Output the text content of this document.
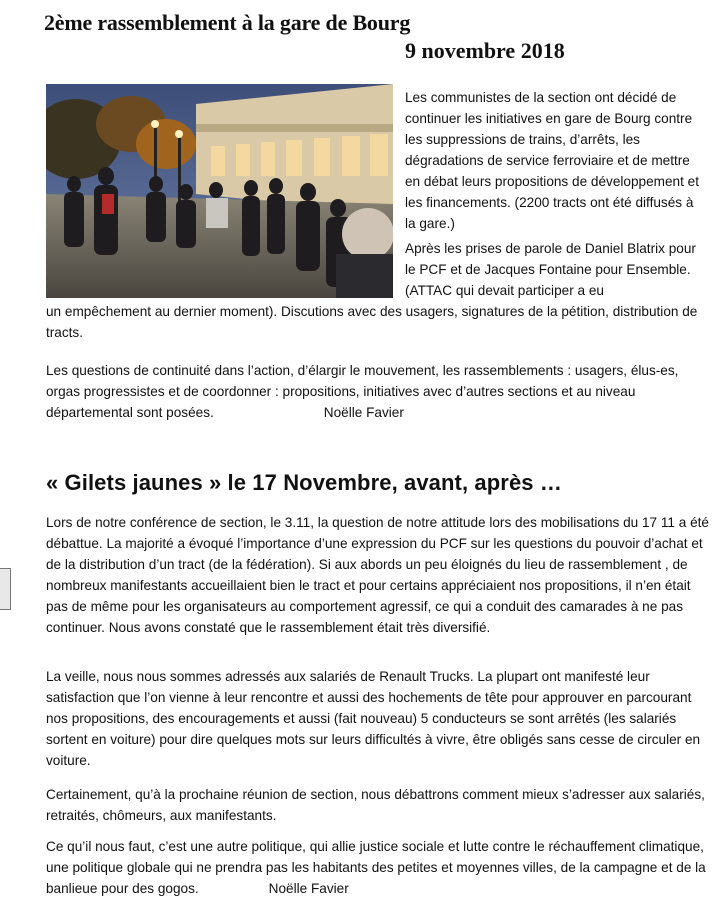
2ème rassemblement à la gare de Bourg
9 novembre 2018

Les communistes de la section ont décidé de continuer les initiatives en gare de Bourg contre les suppressions de trains, d’arrêts, les dégradations de service ferroviaire et de mettre en débat leurs propositions de développement et les financements. (2200 tracts ont été diffusés à la gare.)

Après les prises de parole de Daniel Blatrix pour le PCF et de Jacques Fontaine pour Ensemble. (ATTAC qui devait participer a eu

un empêchement au dernier moment). Discutions avec des usagers, signatures de la pétition, distribution de tracts.

Les questions de continuité dans l’action, d’élargir le mouvement, les rassemblements : usagers, élus-es, orgas progressistes et de coordonner : propositions, initiatives avec d’autres sections et au niveau départemental sont posées.	Noëlle Favier

« Gilets jaunes » le 17 Novembre, avant, après …

Lors de notre conférence de section, le 3.11, la question de notre attitude lors des mobilisations du 17 11 a été débattue. La majorité a évoqué l’importance d’une expression du PCF sur les questions du pouvoir d’achat et de la distribution d’un tract (de la fédération). Si aux abords un peu éloignés du lieu de rassemblement , de nombreux manifestants accueillaient bien le tract et pour certains appréciaient nos propositions, il n’en était pas de même pour les organisateurs au comportement agressif, ce qui a conduit des camarades à ne pas continuer. Nous avons constaté que le rassemblement était très diversifié.

La veille, nous nous sommes adressés aux salariés de Renault Trucks. La plupart ont manifesté leur satisfaction que l’on vienne à leur rencontre et aussi des hochements de tête pour approuver en parcourant nos propositions, des encouragements et aussi (fait nouveau) 5 conducteurs se sont arrêtés (les salariés sortent en voiture) pour dire quelques mots sur leurs difficultés à vivre, être obligés sans cesse de circuler en voiture.

Certainement, qu’à la prochaine réunion de section, nous débattrons comment mieux s’adresser aux salariés, retraités, chômeurs, aux manifestants.

Ce qu’il nous faut, c’est une autre politique, qui allie justice sociale et lutte contre le réchauffement climatique, une politique globale qui ne prendra pas les habitants des petites et moyennes villes, de la campagne et de la banlieue pour des gogos.	Noëlle Favier
